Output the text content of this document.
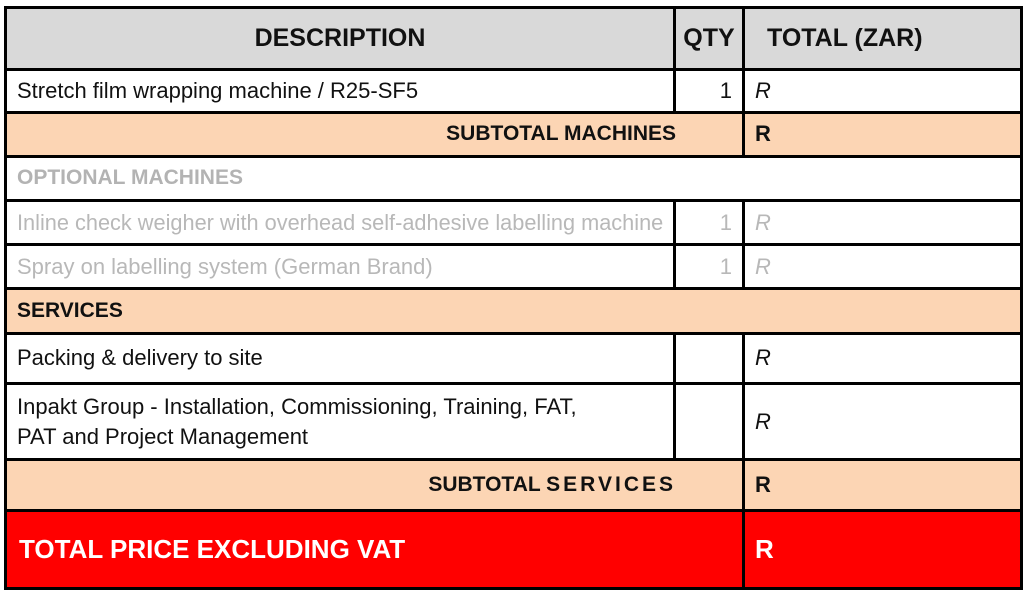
DESCRIPTION	QTY	TOTAL (ZAR)
Stretch film wrapping machine / R25-SF5	1	R
SUBTOTAL MACHINES		R
OPTIONAL MACHINES		
Inline check weigher with overhead self-adhesive labelling machine	1	R
Spray on labelling system (German Brand)	1	R
SERVICES		
Packing & delivery to site		R
Inpakt Group - Installation, Commissioning, Training, FAT,
PAT and Project Management		R
SUBTOTAL SERVICES		R
TOTAL PRICE EXCLUDING VAT		R
